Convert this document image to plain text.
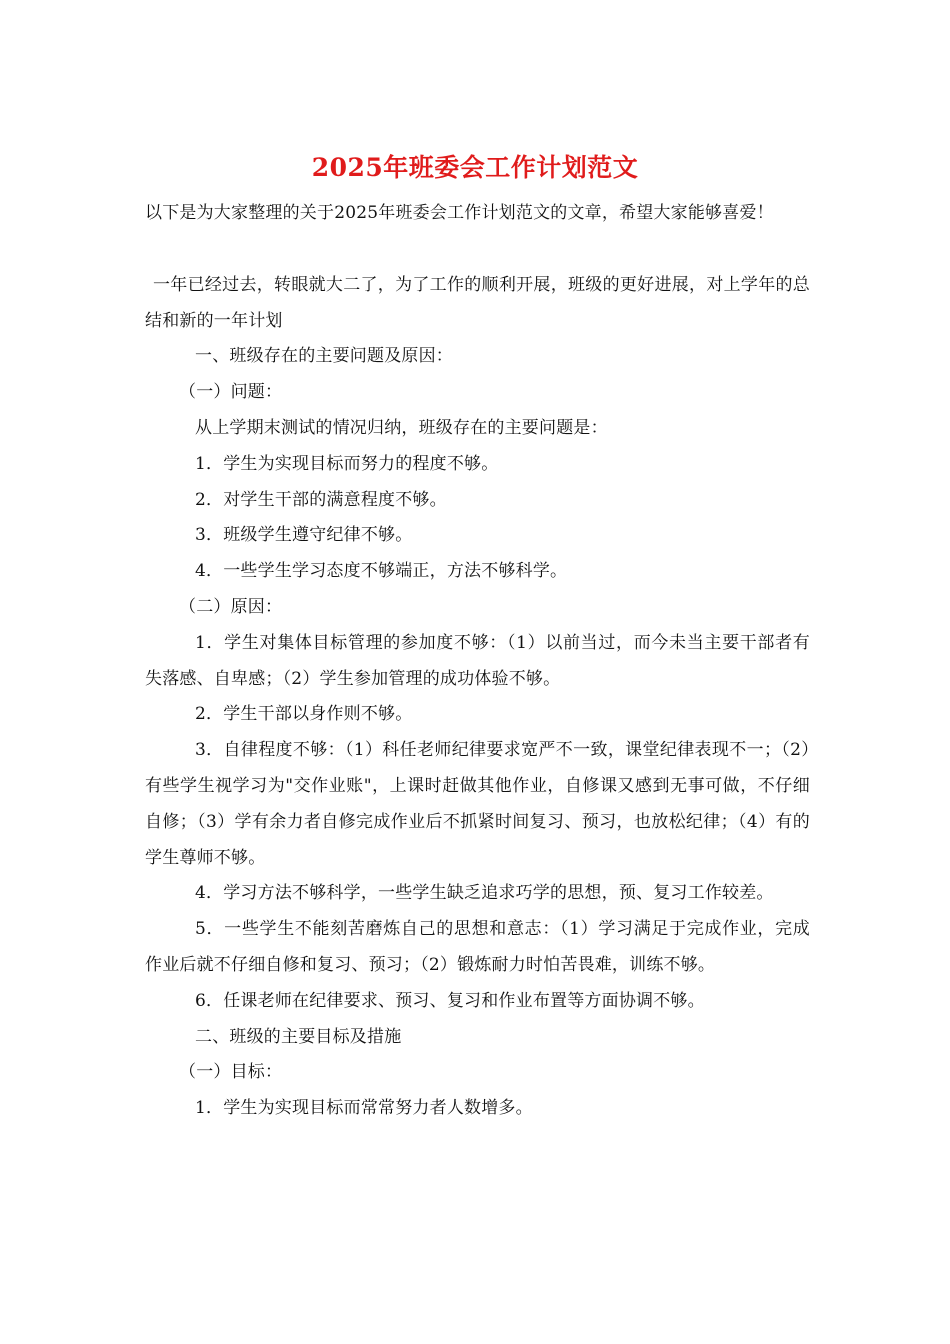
2025年班委会工作计划范文

以下是为大家整理的关于2025年班委会工作计划范文的文章，希望大家能够喜爱！

一年已经过去，转眼就大二了，为了工作的顺利开展，班级的更好进展，对上学年的总结和新的一年计划

一、班级存在的主要问题及原因：

（一）问题：

从上学期末测试的情况归纳，班级存在的主要问题是：

1．学生为实现目标而努力的程度不够。

2．对学生干部的满意程度不够。

3．班级学生遵守纪律不够。

4．一些学生学习态度不够端正，方法不够科学。

（二）原因：

1．学生对集体目标管理的参加度不够：（1）以前当过，而今未当主要干部者有失落感、自卑感；（2）学生参加管理的成功体验不够。

2．学生干部以身作则不够。

3．自律程度不够：（1）科任老师纪律要求宽严不一致，课堂纪律表现不一；（2）有些学生视学习为"交作业账"，上课时赶做其他作业，自修课又感到无事可做，不仔细自修；（3）学有余力者自修完成作业后不抓紧时间复习、预习，也放松纪律；（4）有的学生尊师不够。

4．学习方法不够科学，一些学生缺乏追求巧学的思想，预、复习工作较差。

5．一些学生不能刻苦磨炼自己的思想和意志：（1）学习满足于完成作业，完成作业后就不仔细自修和复习、预习；（2）锻炼耐力时怕苦畏难，训练不够。

6．任课老师在纪律要求、预习、复习和作业布置等方面协调不够。

二、班级的主要目标及措施

（一）目标：

1．学生为实现目标而常常努力者人数增多。
